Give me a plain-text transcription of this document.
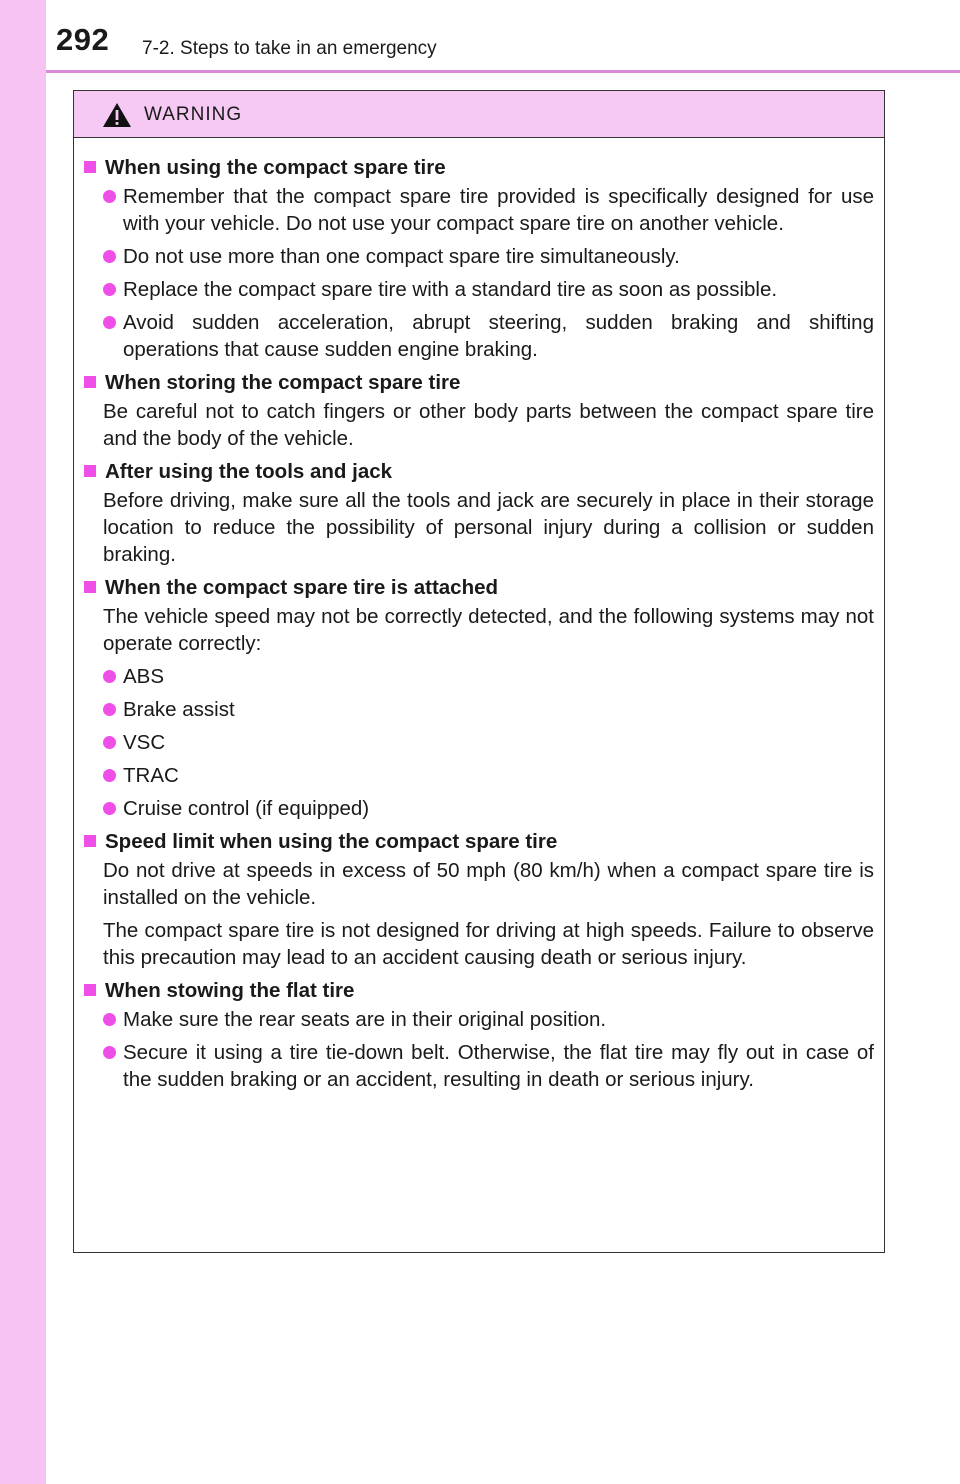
292 7-2. Steps to take in an emergency
WARNING
When using the compact spare tire
Remember that the compact spare tire provided is specifically designed for use with your vehicle. Do not use your compact spare tire on another vehicle.
Do not use more than one compact spare tire simultaneously.
Replace the compact spare tire with a standard tire as soon as possible.
Avoid sudden acceleration, abrupt steering, sudden braking and shifting operations that cause sudden engine braking.
When storing the compact spare tire
Be careful not to catch fingers or other body parts between the compact spare tire and the body of the vehicle.
After using the tools and jack
Before driving, make sure all the tools and jack are securely in place in their storage location to reduce the possibility of personal injury during a collision or sudden braking.
When the compact spare tire is attached
The vehicle speed may not be correctly detected, and the following systems may not operate correctly:
ABS
Brake assist
VSC
TRAC
Cruise control (if equipped)
Speed limit when using the compact spare tire
Do not drive at speeds in excess of 50 mph (80 km/h) when a compact spare tire is installed on the vehicle.
The compact spare tire is not designed for driving at high speeds. Failure to observe this precaution may lead to an accident causing death or serious injury.
When stowing the flat tire
Make sure the rear seats are in their original position.
Secure it using a tire tie-down belt. Otherwise, the flat tire may fly out in case of the sudden braking or an accident, resulting in death or serious injury.
